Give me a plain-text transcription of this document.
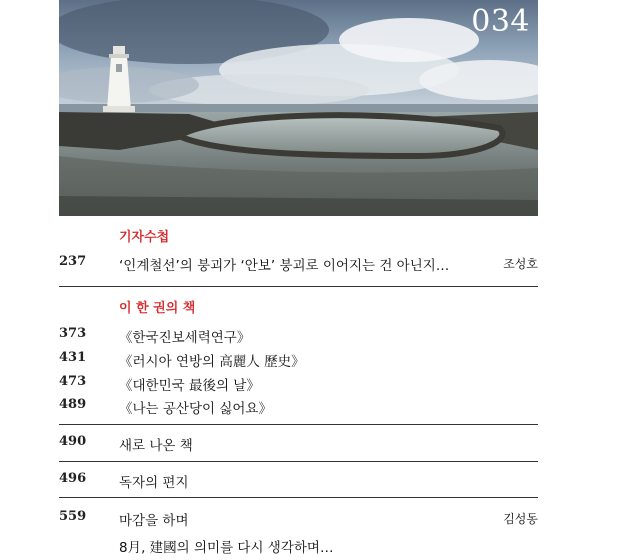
034
기자수첩
237 ‘인계철선’의 붕괴가 ‘안보’ 붕괴로 이어지는 건 아닌지…	조성호
이 한 권의 책
373 《한국진보세력연구》
431 《러시아 연방의 高麗人 歷史》
473 《대한민국 最後의 날》
489 《나는 공산당이 싫어요》
490 새로 나온 책
496 독자의 편지
559 마감을 하며	김성동
8月, 建國의 의미를 다시 생각하며…
